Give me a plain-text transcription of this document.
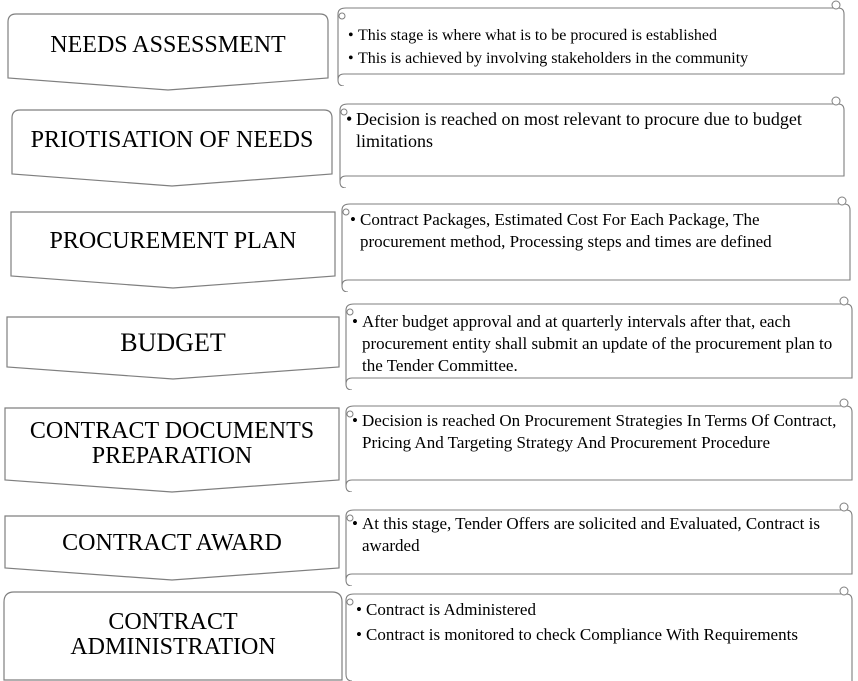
NEEDS ASSESSMENT
•	This stage is where what is to be procured is established
• This is achieved by involving stakeholders in the community
PRIOTISATION OF NEEDS
• Decision is reached on most relevant to procure due to budget limitations
PROCUREMENT PLAN
• Contract Packages, Estimated Cost For Each Package, The procurement method, Processing steps and times are defined
BUDGET
• After budget approval and at quarterly intervals after that, each procurement entity shall submit an update of the procurement plan to the Tender Committee.
CONTRACT DOCUMENTS
PREPARATION
• Decision is reached On Procurement Strategies In Terms Of Contract, Pricing And Targeting Strategy And Procurement Procedure
CONTRACT AWARD
• At this stage, Tender Offers are solicited and Evaluated, Contract is awarded
CONTRACT
ADMINISTRATION
• Contract is Administered
• Contract is monitored to check Compliance With Requirements
